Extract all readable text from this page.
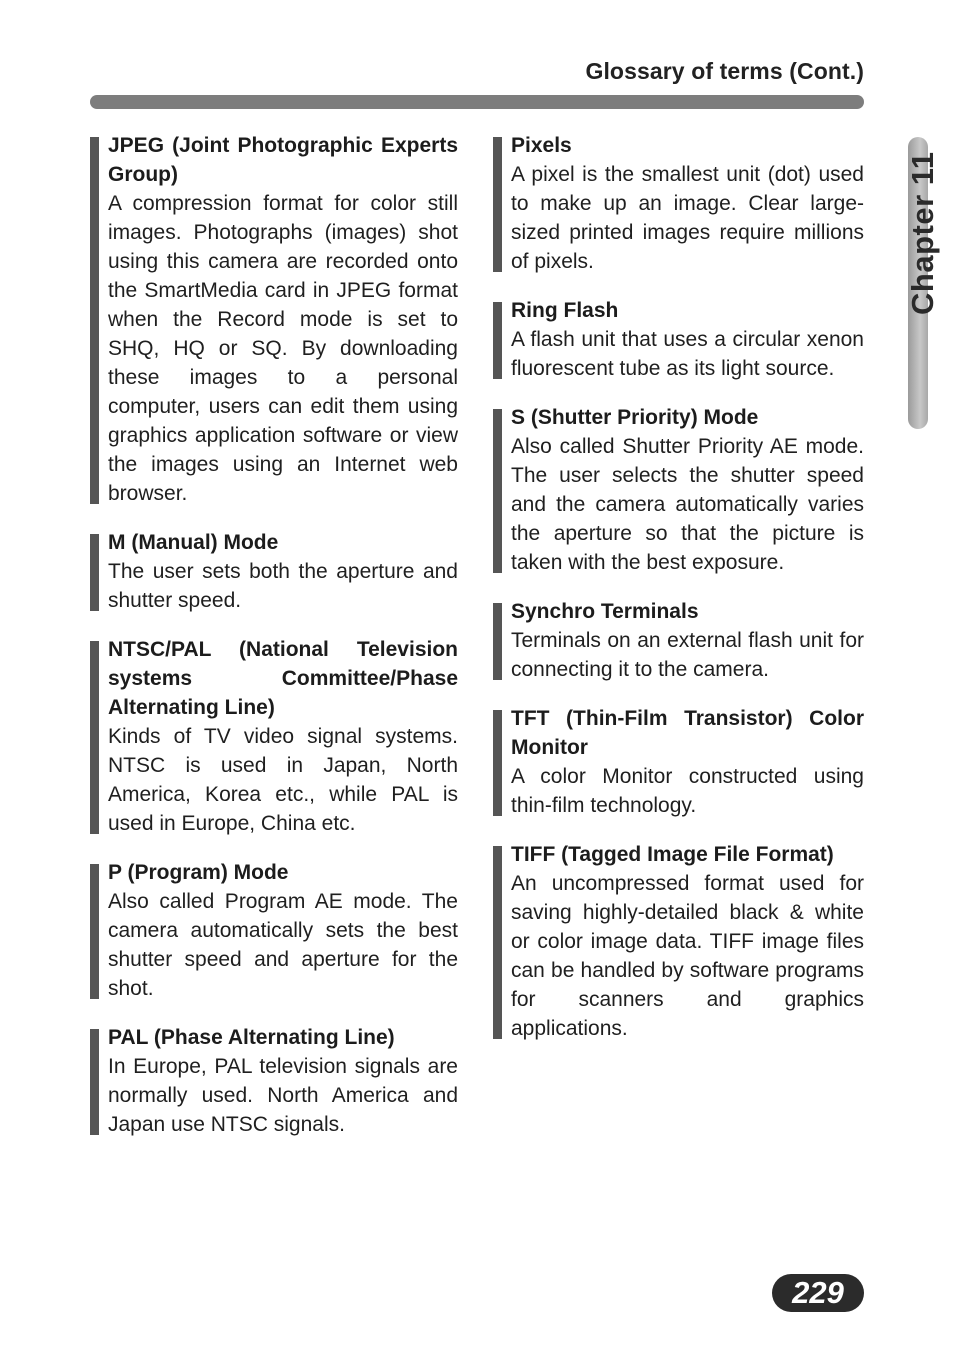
Glossary of terms (Cont.)
Chapter 11
JPEG (Joint Photographic Experts Group)
A compression format for color still images. Photographs (images) shot using this camera are recorded onto the SmartMedia card in JPEG format when the Record mode is set to SHQ, HQ or SQ. By downloading these images to a personal computer, users can edit them using graphics application software or view the images using an Internet web browser.
M (Manual) Mode
The user sets both the aperture and shutter speed.
NTSC/PAL (National Television systems Committee/Phase Alternating Line)
Kinds of TV video signal systems. NTSC is used in Japan, North America, Korea etc., while PAL is used in Europe, China etc.
P (Program) Mode
Also called Program AE mode. The camera automatically sets the best shutter speed and aperture for the shot.
PAL (Phase Alternating Line)
In Europe, PAL television signals are normally used. North America and Japan use NTSC signals.
Pixels
A pixel is the smallest unit (dot) used to make up an image. Clear large-sized printed images require millions of pixels.
Ring Flash
A flash unit that uses a circular xenon fluorescent tube as its light source.
S (Shutter Priority) Mode
Also called Shutter Priority AE mode. The user selects the shutter speed and the camera automatically varies the aperture so that the picture is taken with the best exposure.
Synchro Terminals
Terminals on an external flash unit for connecting it to the camera.
TFT (Thin-Film Transistor) Color Monitor
A color Monitor constructed using thin-film technology.
TIFF (Tagged Image File Format)
An uncompressed format used for saving highly-detailed black & white or color image data. TIFF image files can be handled by software programs for scanners and graphics applications.
229
